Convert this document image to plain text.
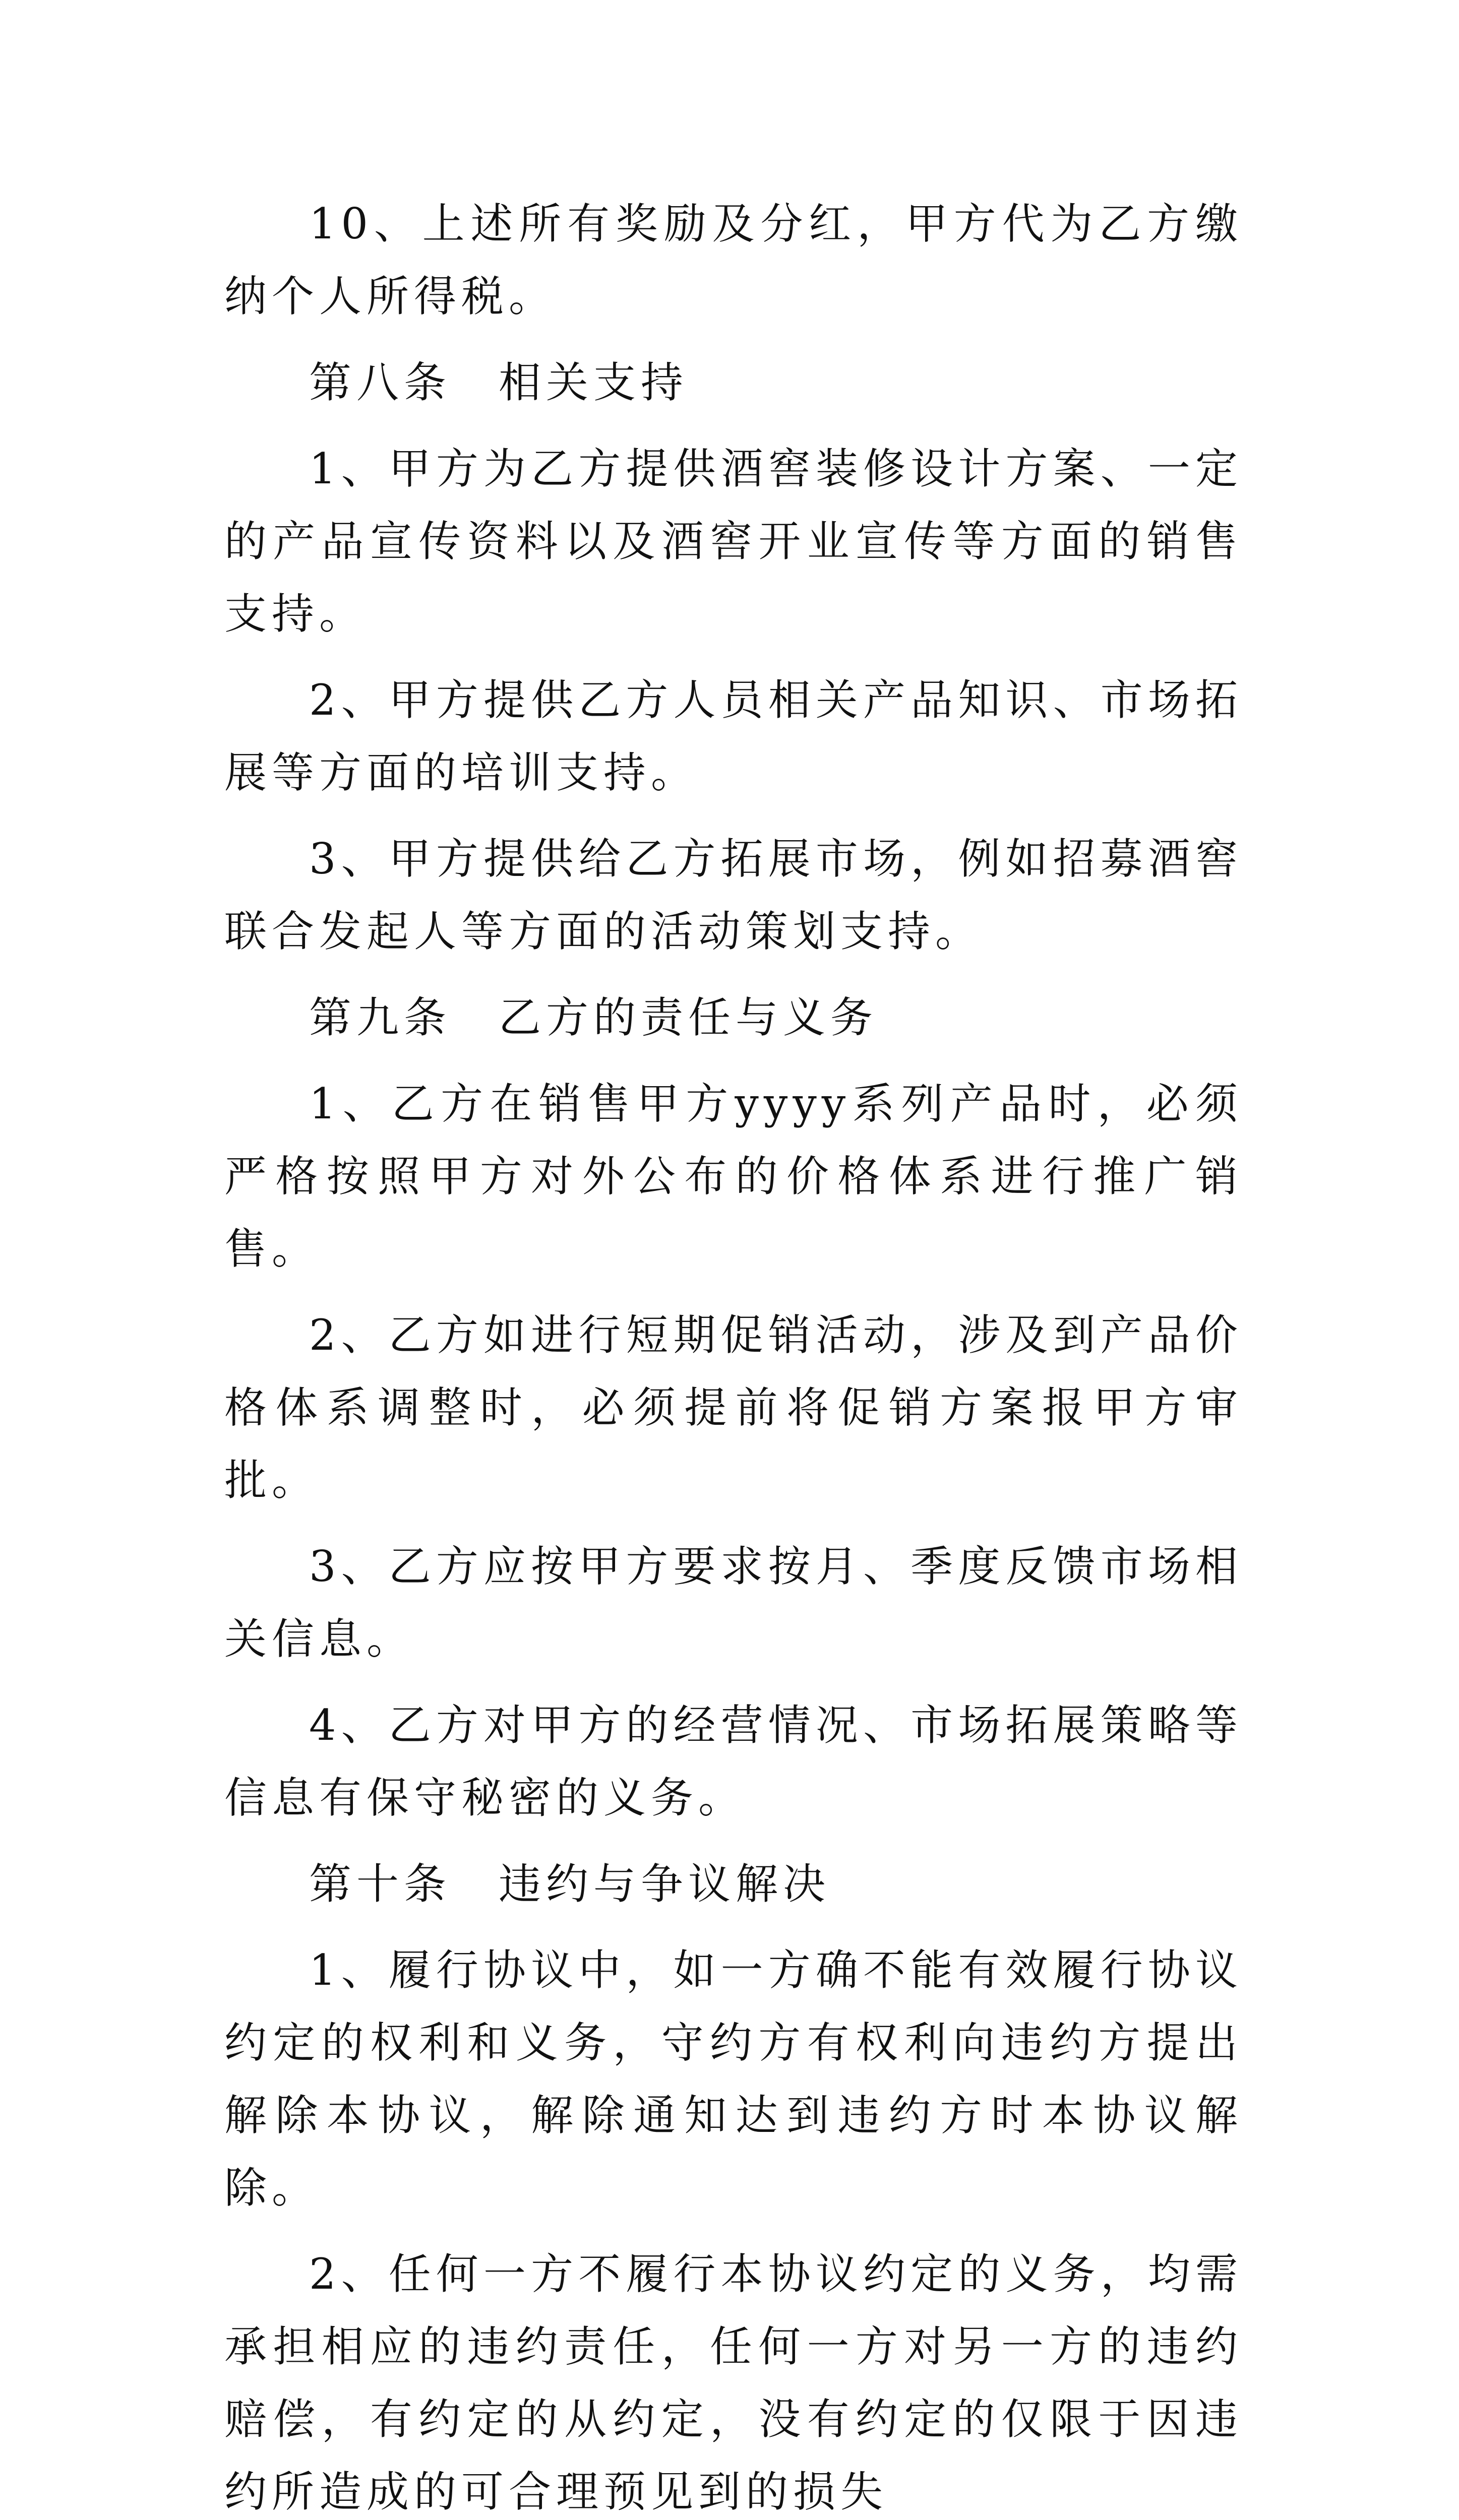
10、上述所有奖励及分红，甲方代为乙方缴纳个人所得税。

第八条　相关支持

1、甲方为乙方提供酒窖装修设计方案、一定的产品宣传资料以及酒窖开业宣传等方面的销售支持。

2、甲方提供乙方人员相关产品知识、市场拓展等方面的培训支持。

3、甲方提供给乙方拓展市场，例如招募酒窖联合发起人等方面的活动策划支持。

第九条　乙方的责任与义务

1、乙方在销售甲方yyyy系列产品时，必须严格按照甲方对外公布的价格体系进行推广销售。

2、乙方如进行短期促销活动，涉及到产品价格体系调整时，必须提前将促销方案报甲方审批。

3、乙方应按甲方要求按月、季度反馈市场相关信息。

4、乙方对甲方的经营情况、市场拓展策略等信息有保守秘密的义务。

第十条　违约与争议解决

1、履行协议中，如一方确不能有效履行协议约定的权利和义务，守约方有权利向违约方提出解除本协议，解除通知达到违约方时本协议解除。

2、任何一方不履行本协议约定的义务，均需承担相应的违约责任，任何一方对另一方的违约赔偿，有约定的从约定，没有约定的仅限于因违约所造成的可合理预见到的损失
